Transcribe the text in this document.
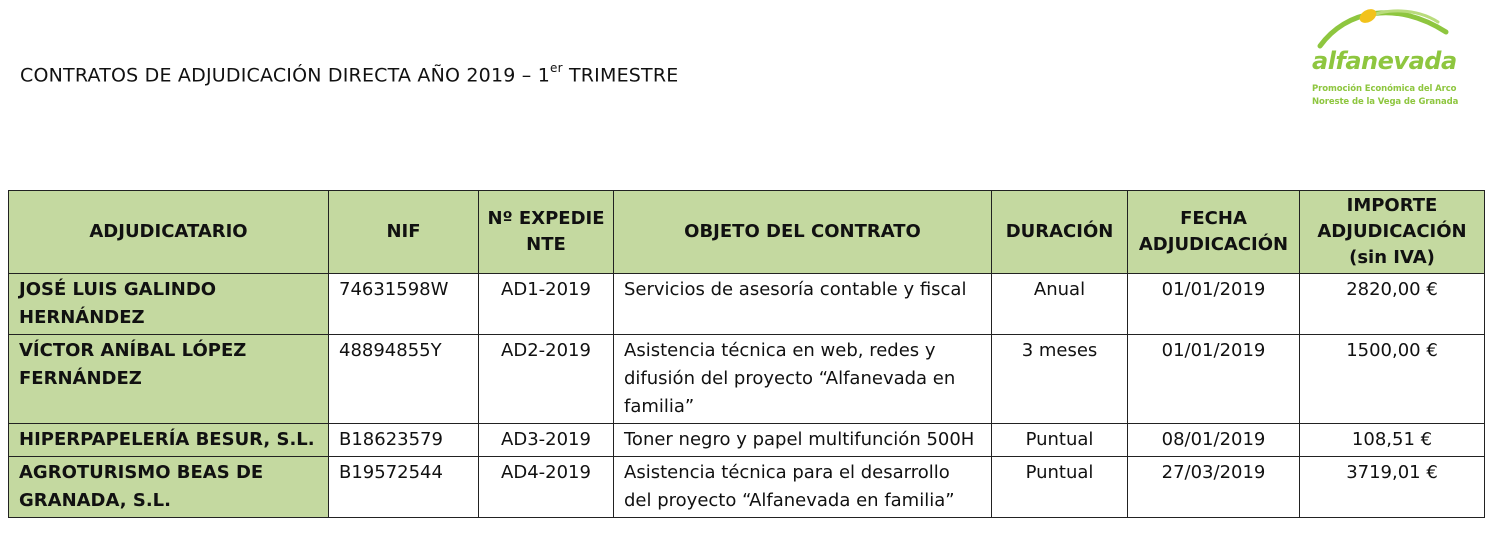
CONTRATOS DE ADJUDICACIÓN DIRECTA AÑO 2019 – 1er TRIMESTRE
alfanevada
Promoción Económica del Arco
Noreste de la Vega de Granada
ADJUDICATARIO	NIF	Nº EXPEDIENTE	OBJETO DEL CONTRATO	DURACIÓN	FECHA ADJUDICACIÓN	IMPORTE ADJUDICACIÓN (sin IVA)
JOSÉ LUIS GALINDO HERNÁNDEZ	74631598W	AD1-2019	Servicios de asesoría contable y fiscal	Anual	01/01/2019	2820,00 €
VÍCTOR ANÍBAL LÓPEZ FERNÁNDEZ	48894855Y	AD2-2019	Asistencia técnica en web, redes y difusión del proyecto “Alfanevada en familia”	3 meses	01/01/2019	1500,00 €
HIPERPAPELERÍA BESUR, S.L.	B18623579	AD3-2019	Toner negro y papel multifunción 500H	Puntual	08/01/2019	108,51 €
AGROTURISMO BEAS DE GRANADA, S.L.	B19572544	AD4-2019	Asistencia técnica para el desarrollo del proyecto “Alfanevada en familia”	Puntual	27/03/2019	3719,01 €
